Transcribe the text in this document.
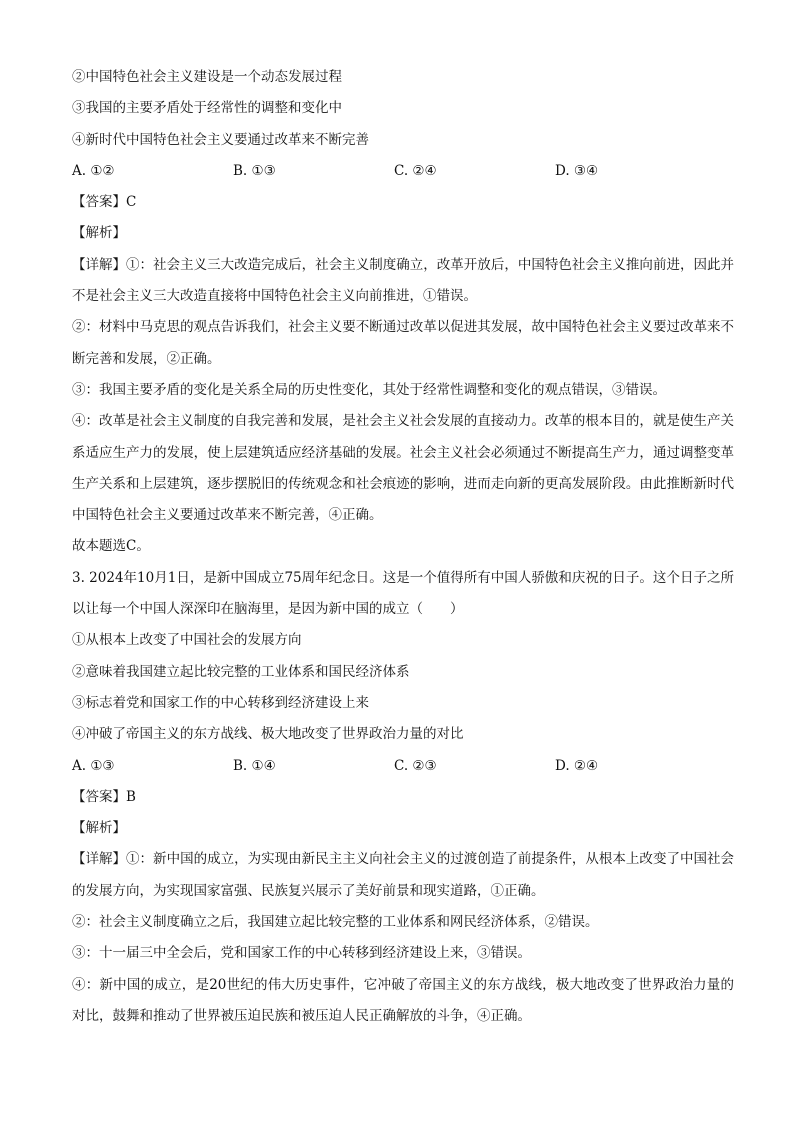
②中国特色社会主义建设是一个动态发展过程
③我国的主要矛盾处于经常性的调整和变化中
④新时代中国特色社会主义要通过改革来不断完善
A. ①②	B. ①③	C. ②④	D. ③④
【答案】C
【解析】
【详解】①：社会主义三大改造完成后，社会主义制度确立，改革开放后，中国特色社会主义推向前进，因此并不是社会主义三大改造直接将中国特色社会主义向前推进，①错误。
②：材料中马克思的观点告诉我们，社会主义要不断通过改革以促进其发展，故中国特色社会主义要过改革来不断完善和发展，②正确。
③：我国主要矛盾的变化是关系全局的历史性变化，其处于经常性调整和变化的观点错误，③错误。
④：改革是社会主义制度的自我完善和发展，是社会主义社会发展的直接动力。改革的根本目的，就是使生产关系适应生产力的发展，使上层建筑适应经济基础的发展。社会主义社会必须通过不断提高生产力，通过调整变革生产关系和上层建筑，逐步摆脱旧的传统观念和社会痕迹的影响，进而走向新的更高发展阶段。由此推断新时代中国特色社会主义要通过改革来不断完善，④正确。
故本题选C。
3. 2024年10月1日，是新中国成立75周年纪念日。这是一个值得所有中国人骄傲和庆祝的日子。这个日子之所以让每一个中国人深深印在脑海里，是因为新中国的成立（　　）
①从根本上改变了中国社会的发展方向
②意味着我国建立起比较完整的工业体系和国民经济体系
③标志着党和国家工作的中心转移到经济建设上来
④冲破了帝国主义的东方战线、极大地改变了世界政治力量的对比
A. ①③	B. ①④	C. ②③	D. ②④
【答案】B
【解析】
【详解】①：新中国的成立，为实现由新民主主义向社会主义的过渡创造了前提条件，从根本上改变了中国社会的发展方向，为实现国家富强、民族复兴展示了美好前景和现实道路，①正确。
②：社会主义制度确立之后，我国建立起比较完整的工业体系和网民经济体系，②错误。
③：十一届三中全会后，党和国家工作的中心转移到经济建设上来，③错误。
④：新中国的成立，是20世纪的伟大历史事件，它冲破了帝国主义的东方战线，极大地改变了世界政治力量的对比，鼓舞和推动了世界被压迫民族和被压迫人民正确解放的斗争，④正确。
